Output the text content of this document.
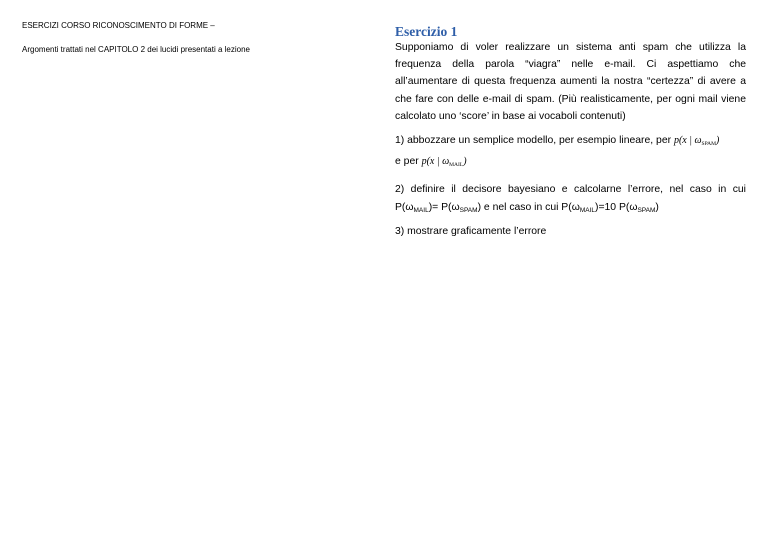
ESERCIZI CORSO RICONOSCIMENTO DI FORME –

Argomenti trattati nel CAPITOLO 2 dei lucidi presentati a lezione

Esercizio 1

Supponiamo di voler realizzare un sistema anti spam che utilizza la frequenza della parola “viagra” nelle e-mail. Ci aspettiamo che all’aumentare di questa frequenza aumenti la nostra “certezza” di avere a che fare con delle e-mail di spam. (Più realisticamente, per ogni mail viene calcolato uno ‘score’ in base ai vocaboli contenuti)

1) abbozzare un semplice modello, per esempio lineare, per p(x | $\omega_{SPAM}$)
e per p(x | $\omega_{MAIL}$)

2) definire il decisore bayesiano e calcolarne l’errore, nel caso in cui $P(\omega_{MAIL})= P(\omega_{SPAM})$ e nel caso in cui $P(\omega_{MAIL})=10$ $P(\omega_{SPAM})$

3) mostrare graficamente l’errore
